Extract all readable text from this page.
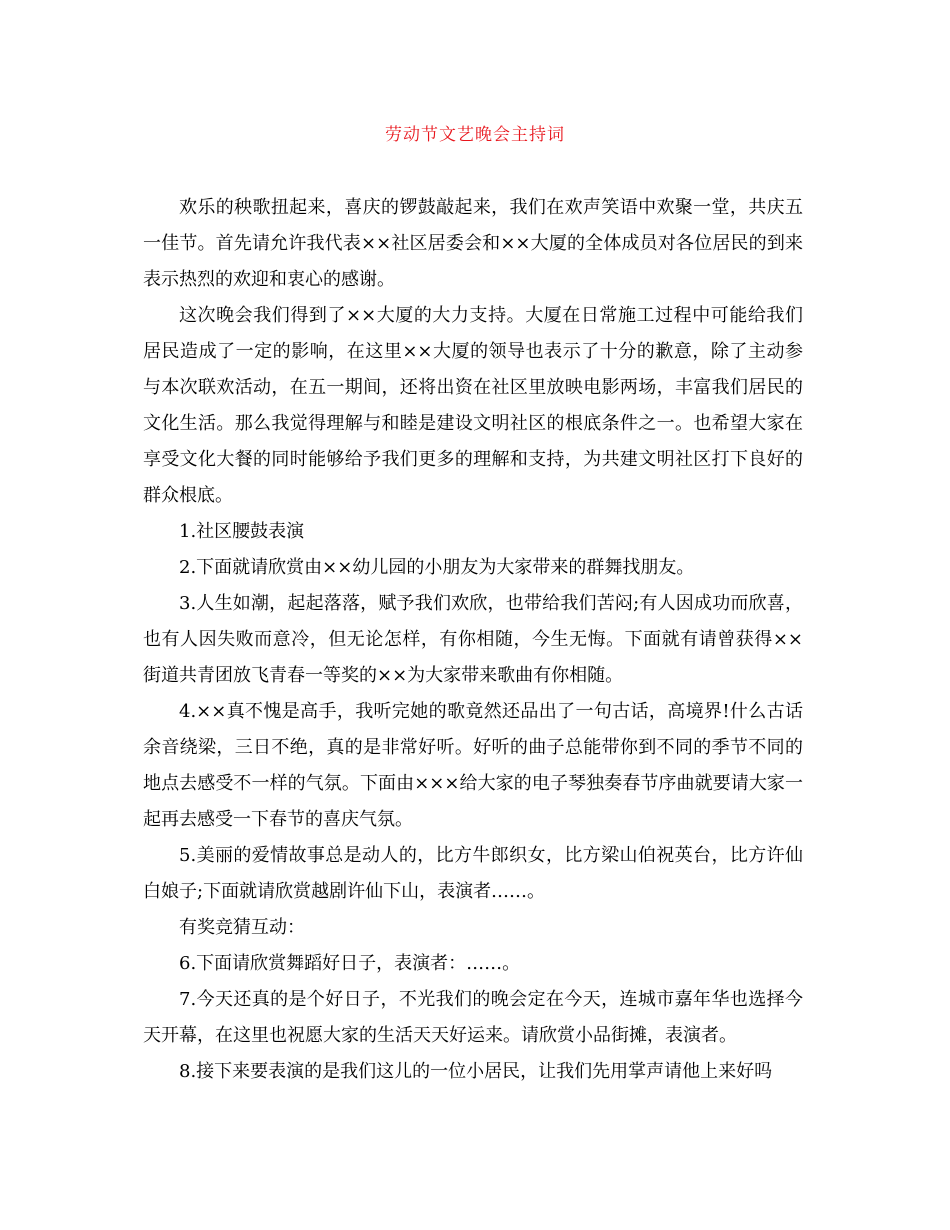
劳动节文艺晚会主持词

欢乐的秧歌扭起来，喜庆的锣鼓敲起来，我们在欢声笑语中欢聚一堂，共庆五一佳节。首先请允许我代表××社区居委会和××大厦的全体成员对各位居民的到来表示热烈的欢迎和衷心的感谢。

这次晚会我们得到了××大厦的大力支持。大厦在日常施工过程中可能给我们居民造成了一定的影响，在这里××大厦的领导也表示了十分的歉意，除了主动参与本次联欢活动，在五一期间，还将出资在社区里放映电影两场，丰富我们居民的文化生活。那么我觉得理解与和睦是建设文明社区的根底条件之一。也希望大家在享受文化大餐的同时能够给予我们更多的理解和支持，为共建文明社区打下良好的群众根底。

1.社区腰鼓表演

2.下面就请欣赏由××幼儿园的小朋友为大家带来的群舞找朋友。

3.人生如潮，起起落落，赋予我们欢欣，也带给我们苦闷;有人因成功而欣喜，也有人因失败而意冷，但无论怎样，有你相随，今生无悔。下面就有请曾获得××街道共青团放飞青春一等奖的××为大家带来歌曲有你相随。

4.××真不愧是高手，我听完她的歌竟然还品出了一句古话，高境界!什么古话余音绕梁，三日不绝，真的是非常好听。好听的曲子总能带你到不同的季节不同的地点去感受不一样的气氛。下面由×××给大家的电子琴独奏春节序曲就要请大家一起再去感受一下春节的喜庆气氛。

5.美丽的爱情故事总是动人的，比方牛郎织女，比方梁山伯祝英台，比方许仙白娘子;下面就请欣赏越剧许仙下山，表演者……。

有奖竞猜互动：

6.下面请欣赏舞蹈好日子，表演者：……。

7.今天还真的是个好日子，不光我们的晚会定在今天，连城市嘉年华也选择今天开幕，在这里也祝愿大家的生活天天好运来。请欣赏小品街摊，表演者。

8.接下来要表演的是我们这儿的一位小居民，让我们先用掌声请他上来好吗
